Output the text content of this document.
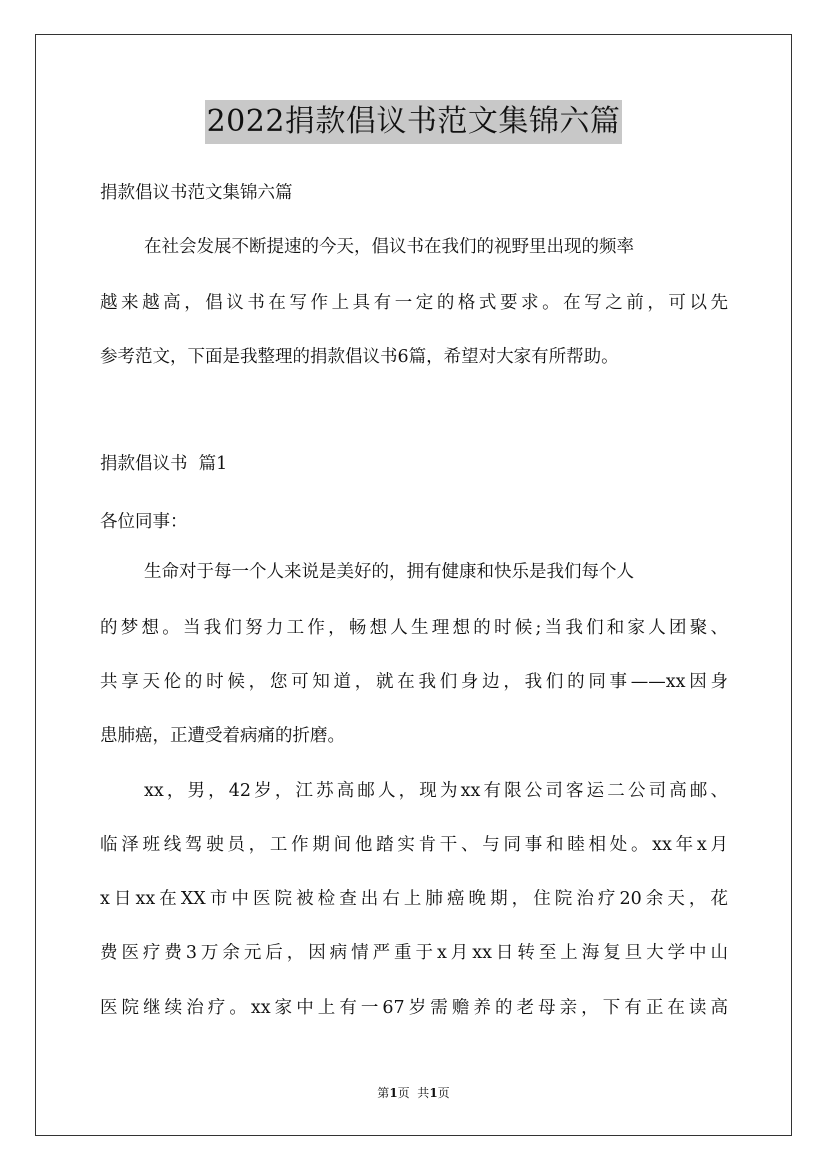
2022捐款倡议书范文集锦六篇
捐款倡议书范文集锦六篇
在社会发展不断提速的今天，倡议书在我们的视野里出现的频率
越来越高，倡议书在写作上具有一定的格式要求。在写之前，可以先
参考范文，下面是我整理的捐款倡议书6篇，希望对大家有所帮助。
捐款倡议书  篇1
各位同事：
生命对于每一个人来说是美好的，拥有健康和快乐是我们每个人
的梦想。当我们努力工作，畅想人生理想的时候;当我们和家人团聚、
共享天伦的时候，您可知道，就在我们身边，我们的同事——xx因身
患肺癌，正遭受着病痛的折磨。
xx，男，42岁，江苏高邮人，现为xx有限公司客运二公司高邮、
临泽班线驾驶员，工作期间他踏实肯干、与同事和睦相处。xx年x月
x日xx在XX市中医院被检查出右上肺癌晚期，住院治疗20余天，花
费医疗费3万余元后，因病情严重于x月xx日转至上海复旦大学中山
医院继续治疗。xx家中上有一67岁需赡养的老母亲，下有正在读高
第1页  共1页
